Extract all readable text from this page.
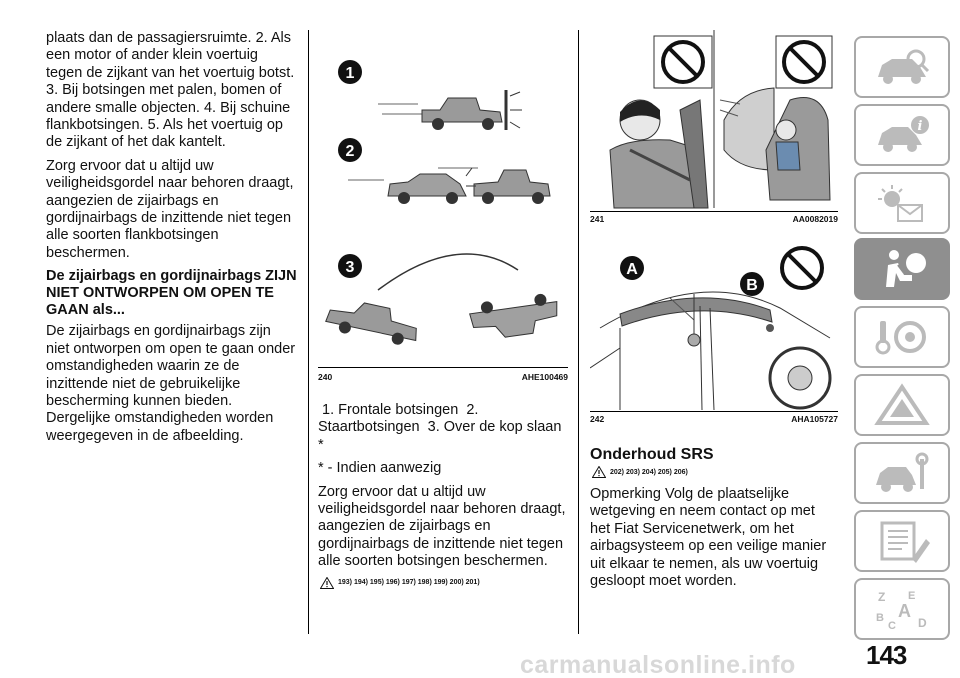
plaats dan de passagiersruimte. 2. Als een motor of ander klein voertuig tegen de zijkant van het voertuig botst. 3. Bij botsingen met palen, bomen of andere smalle objecten. 4. Bij schuine flankbotsingen. 5. Als het voertuig op de zijkant of het dak kantelt.

Zorg ervoor dat u altijd uw veiligheidsgordel naar behoren draagt, aangezien de zijairbags en gordijnairbags de inzittende niet tegen alle soorten flankbotsingen beschermen.

De zijairbags en gordijnairbags ZIJN NIET ONTWORPEN OM OPEN TE GAAN als...

De zijairbags en gordijnairbags zijn niet ontworpen om open te gaan onder omstandigheden waarin ze de inzittende niet de gebruikelijke bescherming kunnen bieden. Dergelijke omstandigheden worden weergegeven in de afbeelding.

1
2
3
240	AHE100469

1. Frontale botsingen  2. Staartbotsingen  3. Over de kop slaan *

* - Indien aanwezig

Zorg ervoor dat u altijd uw veiligheidsgordel naar behoren draagt, aangezien de zijairbags en gordijnairbags de inzittende niet tegen alle soorten botsingen beschermen.

193) 194) 195) 196) 197) 198) 199) 200) 201)
241	AA0082019
A
B
242	AHA105727
Onderhoud SRS
202) 203) 204) 205) 206)

Opmerking Volg de plaatselijke wetgeving en neem contact op met het Fiat Servicenetwerk, om het airbagsysteem op een veilige manier uit elkaar te nemen, als uw voertuig gesloopt moet worden.

i
Z E
A
B
C D
143
carmanualsonline.info
